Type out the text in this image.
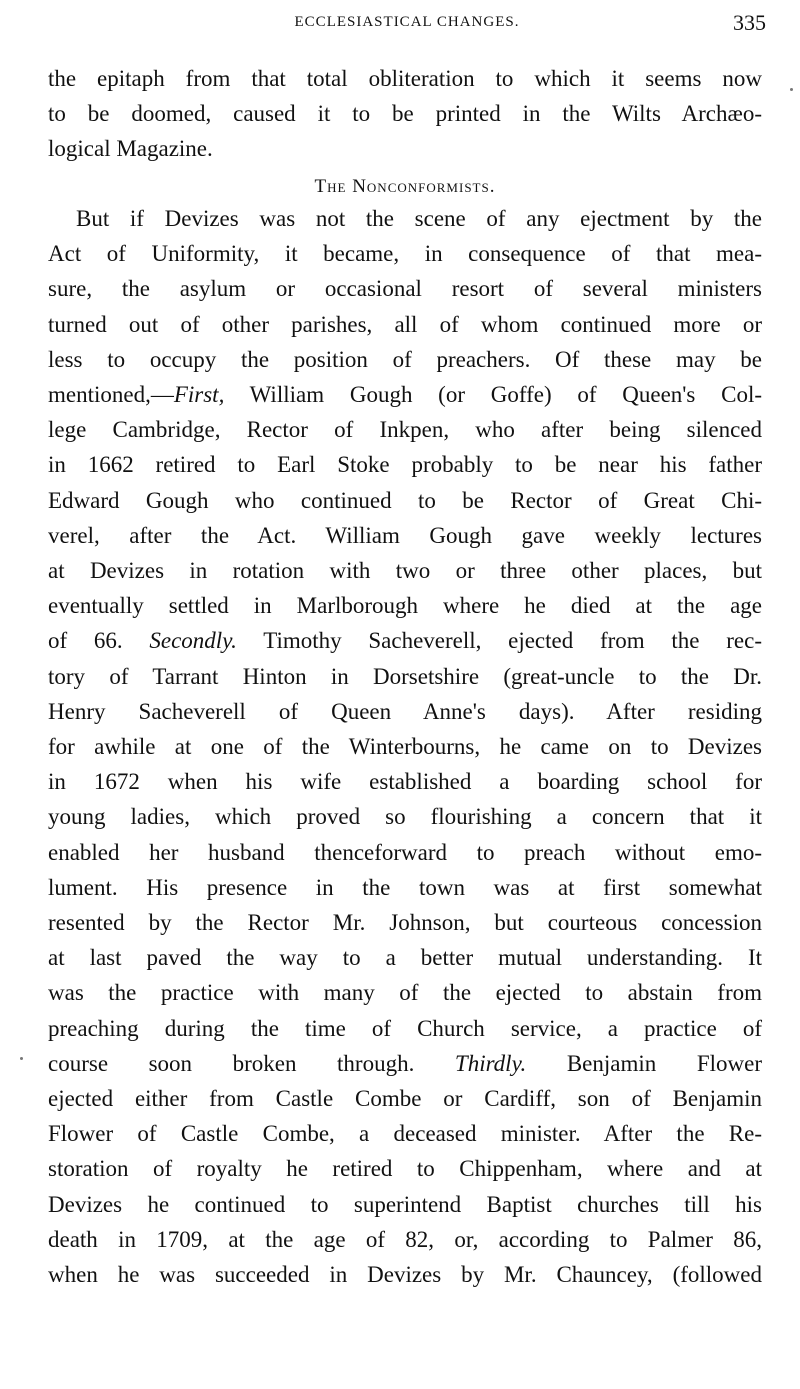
ECCLESIASTICAL CHANGES.	335
the epitaph from that total obliteration to which it seems now
to be doomed, caused it to be printed in the Wilts Archæo-
logical Magazine.
The Nonconformists.
But if Devizes was not the scene of any ejectment by the
Act of Uniformity, it became, in consequence of that mea-
sure, the asylum or occasional resort of several ministers
turned out of other parishes, all of whom continued more or
less to occupy the position of preachers. Of these may be
mentioned,—First, William Gough (or Goffe) of Queen's Col-
lege Cambridge, Rector of Inkpen, who after being silenced
in 1662 retired to Earl Stoke probably to be near his father
Edward Gough who continued to be Rector of Great Chi-
verel, after the Act. William Gough gave weekly lectures
at Devizes in rotation with two or three other places, but
eventually settled in Marlborough where he died at the age
of 66. Secondly. Timothy Sacheverell, ejected from the rec-
tory of Tarrant Hinton in Dorsetshire (great-uncle to the Dr.
Henry Sacheverell of Queen Anne's days). After residing
for awhile at one of the Winterbourns, he came on to Devizes
in 1672 when his wife established a boarding school for
young ladies, which proved so flourishing a concern that it
enabled her husband thenceforward to preach without emo-
lument. His presence in the town was at first somewhat
resented by the Rector Mr. Johnson, but courteous concession
at last paved the way to a better mutual understanding. It
was the practice with many of the ejected to abstain from
preaching during the time of Church service, a practice of
course soon broken through. Thirdly. Benjamin Flower
ejected either from Castle Combe or Cardiff, son of Benjamin
Flower of Castle Combe, a deceased minister. After the Re-
storation of royalty he retired to Chippenham, where and at
Devizes he continued to superintend Baptist churches till his
death in 1709, at the age of 82, or, according to Palmer 86,
when he was succeeded in Devizes by Mr. Chauncey, (followed
